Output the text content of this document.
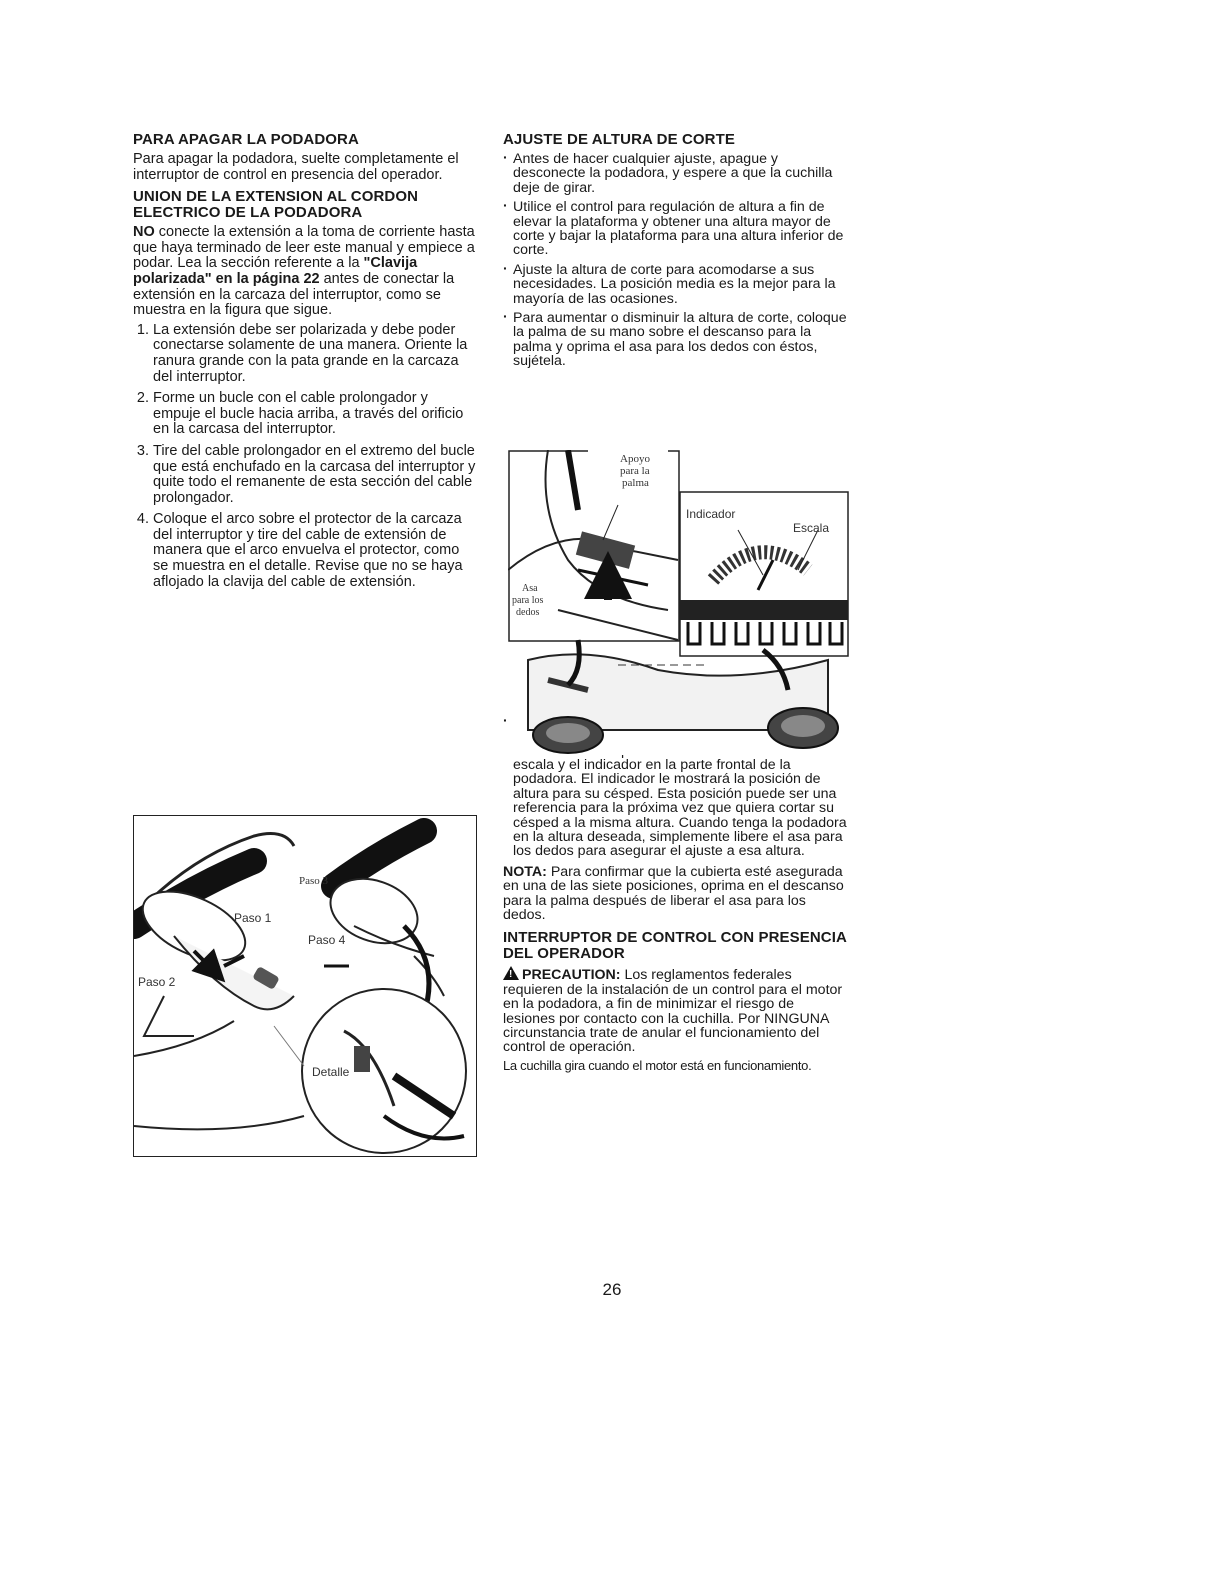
PARA APAGAR LA PODADORA

Para apagar la podadora, suelte completamente el interruptor de control en presencia del operador.

UNION DE LA EXTENSION AL CORDON ELECTRICO DE LA PODADORA

NO conecte la extensión a la toma de corriente hasta que haya terminado de leer este manual y empiece a podar. Lea la sección referente a la "Clavija polarizada" en la página 22 antes de conectar la extensión en la carcaza del interruptor, como se muestra en la figura que sigue.

1. La extensión debe ser polarizada y debe poder conectarse solamente de una manera. Oriente la ranura grande con la pata grande en la carcaza del interruptor.
2. Forme un bucle con el cable prolongador y empuje el bucle hacia arriba, a través del orificio en la carcasa del interruptor.
3. Tire del cable prolongador en el extremo del bucle que está enchufado en la carcasa del interruptor y quite todo el remanente de esta sección del cable prolongador.
4. Coloque el arco sobre el protector de la carcaza del interruptor y tire del cable de extensión de manera que el arco envuelva el protector, como se muestra en el detalle. Revise que no se haya aflojado la clavija del cable de extensión.
Paso 1
Paso 2
Paso 3
Paso 4
Detalle
AJUSTE DE ALTURA DE CORTE
· Antes de hacer cualquier ajuste, apague y desconecte la podadora, y espere a que la cuchilla deje de girar.
· Utilice el control para regulación de altura a fin de elevar la plataforma y obtener una altura mayor de corte y bajar la plataforma para una altura inferior de corte.
· Ajuste la altura de corte para acomodarse a sus necesidades. La posición media es la mejor para la mayoría de las ocasiones.
· Para aumentar o disminuir la altura de corte, coloque la palma de su mano sobre el descanso para la palma y oprima el asa para los dedos con éstos, sujétela.
· escala y el indicador en la parte frontal de la podadora. El indicador le mostrará la posición de altura para su césped. Esta posición puede ser una referencia para la próxima vez que quiera cortar su césped a la misma altura. Cuando tenga la podadora en la altura deseada, simplemente libere el asa para los dedos para asegurar el ajuste a esa altura.

NOTA: Para confirmar que la cubierta esté asegurada en una de las siete posiciones, oprima en el descanso para la palma después de liberar el asa para los dedos.

INTERRUPTOR DE CONTROL CON PRESENCIA DEL OPERADOR

!PRECAUTION: Los reglamentos federales requieren de la instalación de un control para el motor en la podadora, a fin de minimizar el riesgo de lesiones por contacto con la cuchilla. Por NINGUNA circunstancia trate de anular el funcionamiento del control de operación.

La cuchilla gira cuando el motor está en funcionamiento.

Apoyo
para la
palma
Asa
para los
dedos
Indicador
Escala
26
